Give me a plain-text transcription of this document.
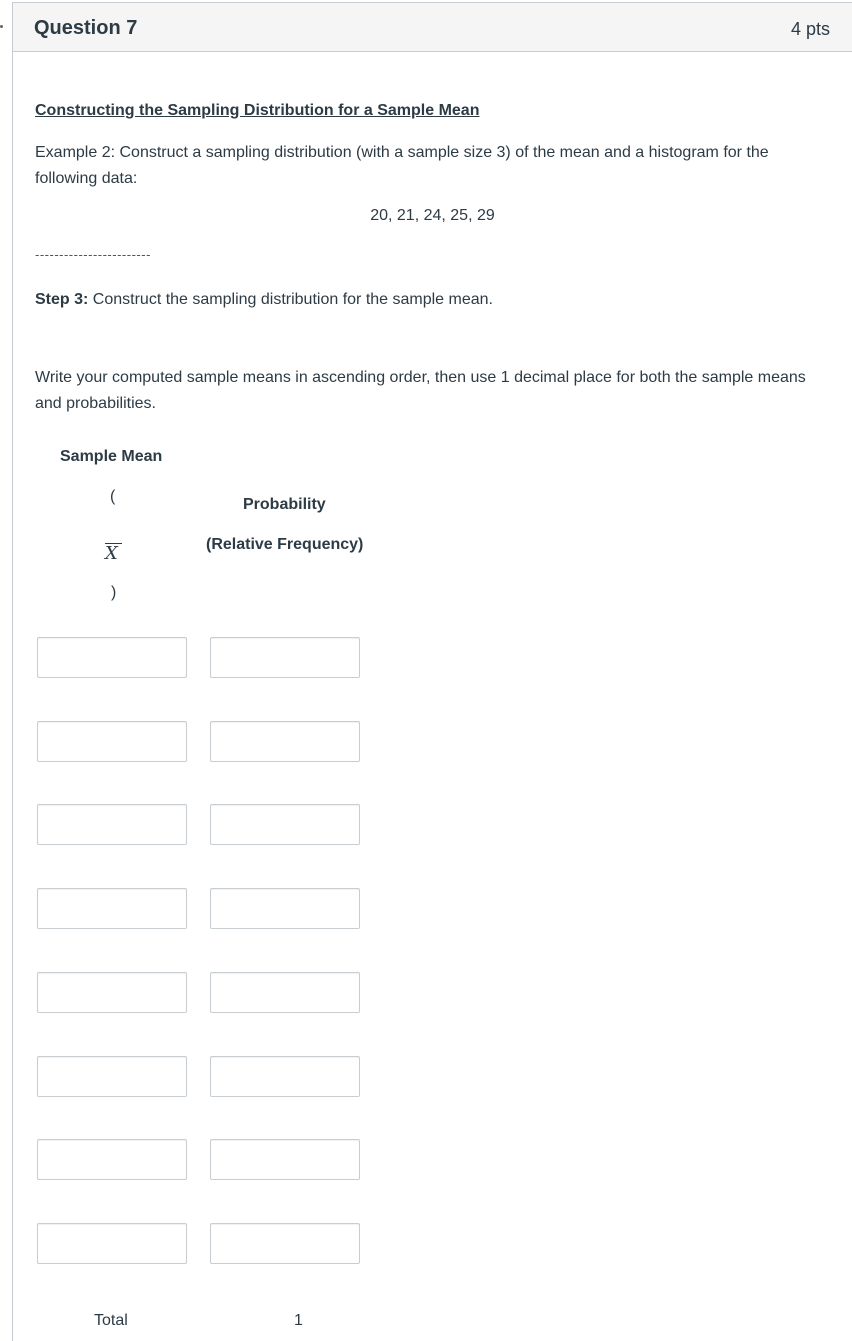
Question 7	4 pts
Constructing the Sampling Distribution for a Sample Mean
Example 2: Construct a sampling distribution (with a sample size 3) of the mean and a histogram for the following data:
20, 21, 24, 25, 29
------------------------
Step 3: Construct the sampling distribution for the sample mean.
Write your computed sample means in ascending order, then use 1 decimal place for both the sample means and probabilities.
Sample Mean
(
X
)
Probability
(Relative Frequency)
Total	1
